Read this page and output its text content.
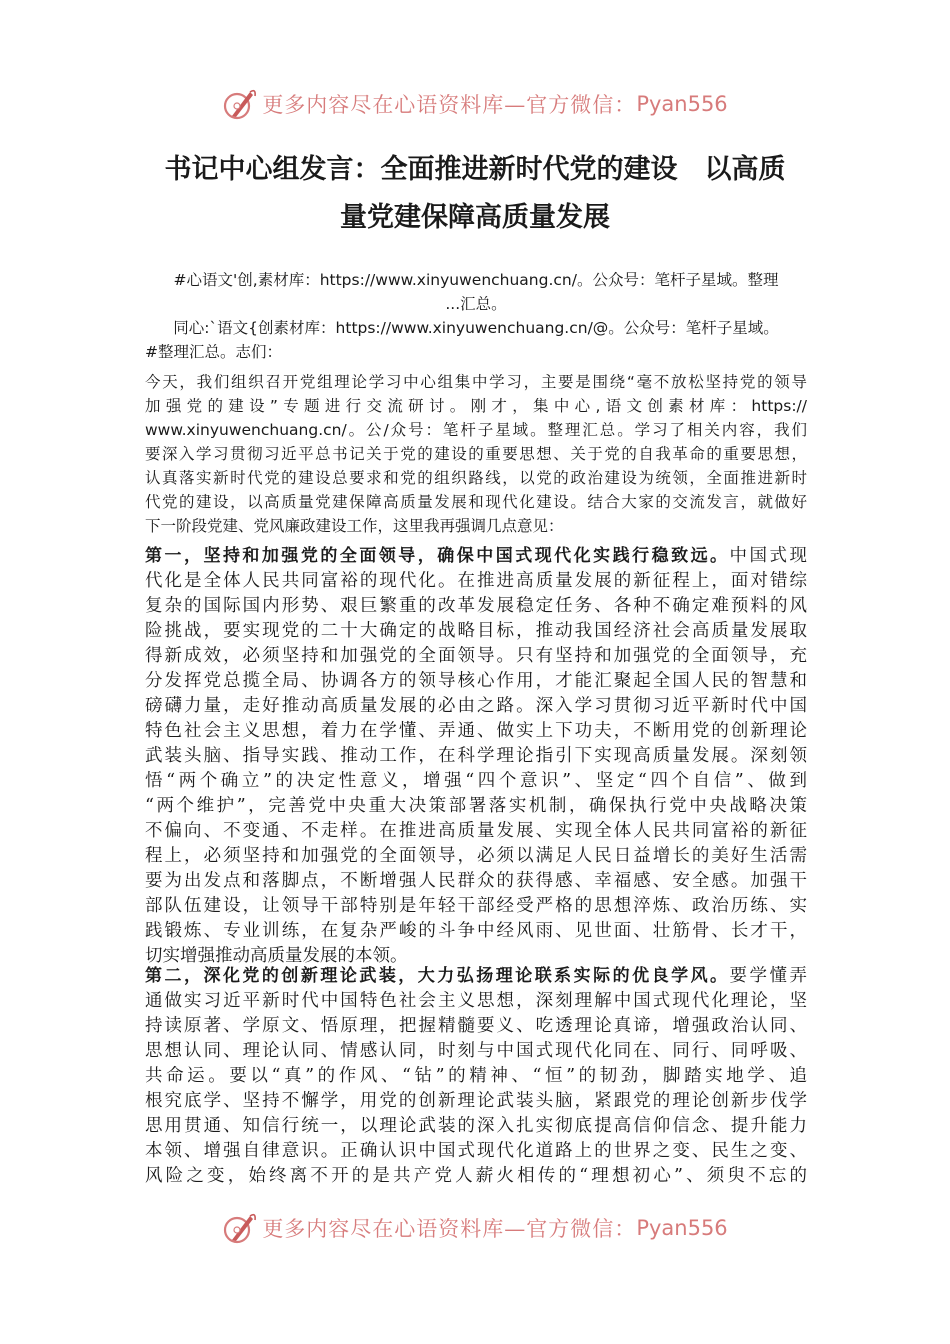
更多内容尽在心语资料库—官方微信： Pyan556
书记中心组发言：全面推进新时代党的建设　以高质
量党建保障高质量发展
#心语文'创,素材库：https://www.xinyuwenchuang.cn/。公众号：笔杆子星域。整理
...汇总。
同心:`语文{创素材库：https://www.xinyuwenchuang.cn/@。公众号：笔杆子星域。
#整理汇总。志们：
今天，我们组织召开党组理论学习中心组集中学习，主要是围绕“毫不放松坚持党的领导
加强党的建设”专题进行交流研讨。刚才，集中心,语文创素材库：https://
www.xinyuwenchuang.cn/。公/众号：笔杆子星域。整理汇总。学习了相关内容，我们
要深入学习贯彻习近平总书记关于党的建设的重要思想、关于党的自我革命的重要思想，
认真落实新时代党的建设总要求和党的组织路线，以党的政治建设为统领，全面推进新时
代党的建设，以高质量党建保障高质量发展和现代化建设。结合大家的交流发言，就做好
下一阶段党建、党风廉政建设工作，这里我再强调几点意见：
第一，坚持和加强党的全面领导，确保中国式现代化实践行稳致远。中国式现
代化是全体人民共同富裕的现代化。在推进高质量发展的新征程上，面对错综
复杂的国际国内形势、艰巨繁重的改革发展稳定任务、各种不确定难预料的风
险挑战，要实现党的二十大确定的战略目标，推动我国经济社会高质量发展取
得新成效，必须坚持和加强党的全面领导。只有坚持和加强党的全面领导，充
分发挥党总揽全局、协调各方的领导核心作用，才能汇聚起全国人民的智慧和
磅礴力量，走好推动高质量发展的必由之路。深入学习贯彻习近平新时代中国
特色社会主义思想，着力在学懂、弄通、做实上下功夫，不断用党的创新理论
武装头脑、指导实践、推动工作，在科学理论指引下实现高质量发展。深刻领
悟“两个确立”的决定性意义，增强“四个意识”、坚定“四个自信”、做到
“两个维护”，完善党中央重大决策部署落实机制，确保执行党中央战略决策
不偏向、不变通、不走样。在推进高质量发展、实现全体人民共同富裕的新征
程上，必须坚持和加强党的全面领导，必须以满足人民日益增长的美好生活需
要为出发点和落脚点，不断增强人民群众的获得感、幸福感、安全感。加强干
部队伍建设，让领导干部特别是年轻干部经受严格的思想淬炼、政治历练、实
践锻炼、专业训练，在复杂严峻的斗争中经风雨、见世面、壮筋骨、长才干，
切实增强推动高质量发展的本领。
第二，深化党的创新理论武装，大力弘扬理论联系实际的优良学风。要学懂弄
通做实习近平新时代中国特色社会主义思想，深刻理解中国式现代化理论，坚
持读原著、学原文、悟原理，把握精髓要义、吃透理论真谛，增强政治认同、
思想认同、理论认同、情感认同，时刻与中国式现代化同在、同行、同呼吸、
共命运。要以“真”的作风、“钻”的精神、“恒”的韧劲，脚踏实地学、追
根究底学、坚持不懈学，用党的创新理论武装头脑，紧跟党的理论创新步伐学
思用贯通、知信行统一，以理论武装的深入扎实彻底提高信仰信念、提升能力
本领、增强自律意识。正确认识中国式现代化道路上的世界之变、民生之变、
风险之变，始终离不开的是共产党人薪火相传的“理想初心”、须臾不忘的
更多内容尽在心语资料库—官方微信： Pyan556
